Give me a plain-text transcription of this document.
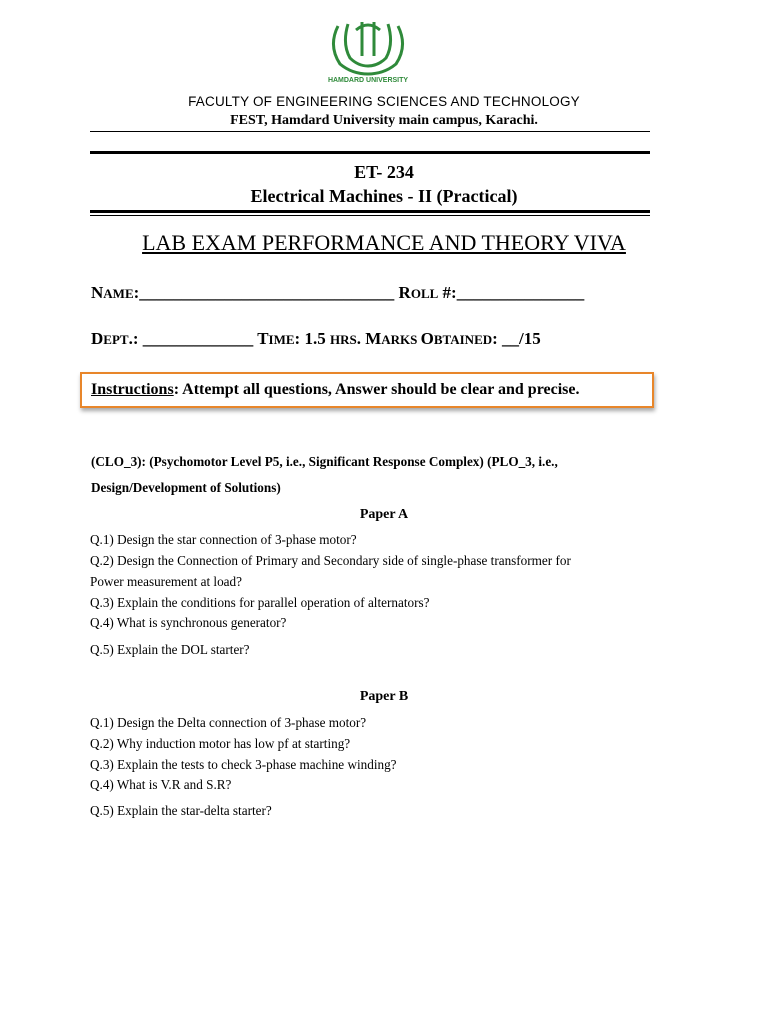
HAMDARD UNIVERSITY
FACULTY OF ENGINEERING SCIENCES AND TECHNOLOGY
FEST, Hamdard University main campus, Karachi.
ET- 234
Electrical Machines - II (Practical)
LAB EXAM PERFORMANCE AND THEORY VIVA
NAME:______________________________ ROLL #:_______________
DEPT.: _____________ TIME: 1.5 HRS. MARKS OBTAINED: __/15
Instructions: Attempt all questions, Answer should be clear and precise.
(CLO_3): (Psychomotor Level P5, i.e., Significant Response Complex) (PLO_3, i.e.,
Design/Development of Solutions)
Paper A
Q.1) Design the star connection of 3-phase motor?
Q.2) Design the Connection of Primary and Secondary side of single-phase transformer for
Power measurement at load?
Q.3) Explain the conditions for parallel operation of alternators?
Q.4) What is synchronous generator?
Q.5) Explain the DOL starter?
Paper B
Q.1) Design the Delta connection of 3-phase motor?
Q.2) Why induction motor has low pf at starting?
Q.3) Explain the tests to check 3-phase machine winding?
Q.4) What is V.R and S.R?
Q.5) Explain the star-delta starter?
